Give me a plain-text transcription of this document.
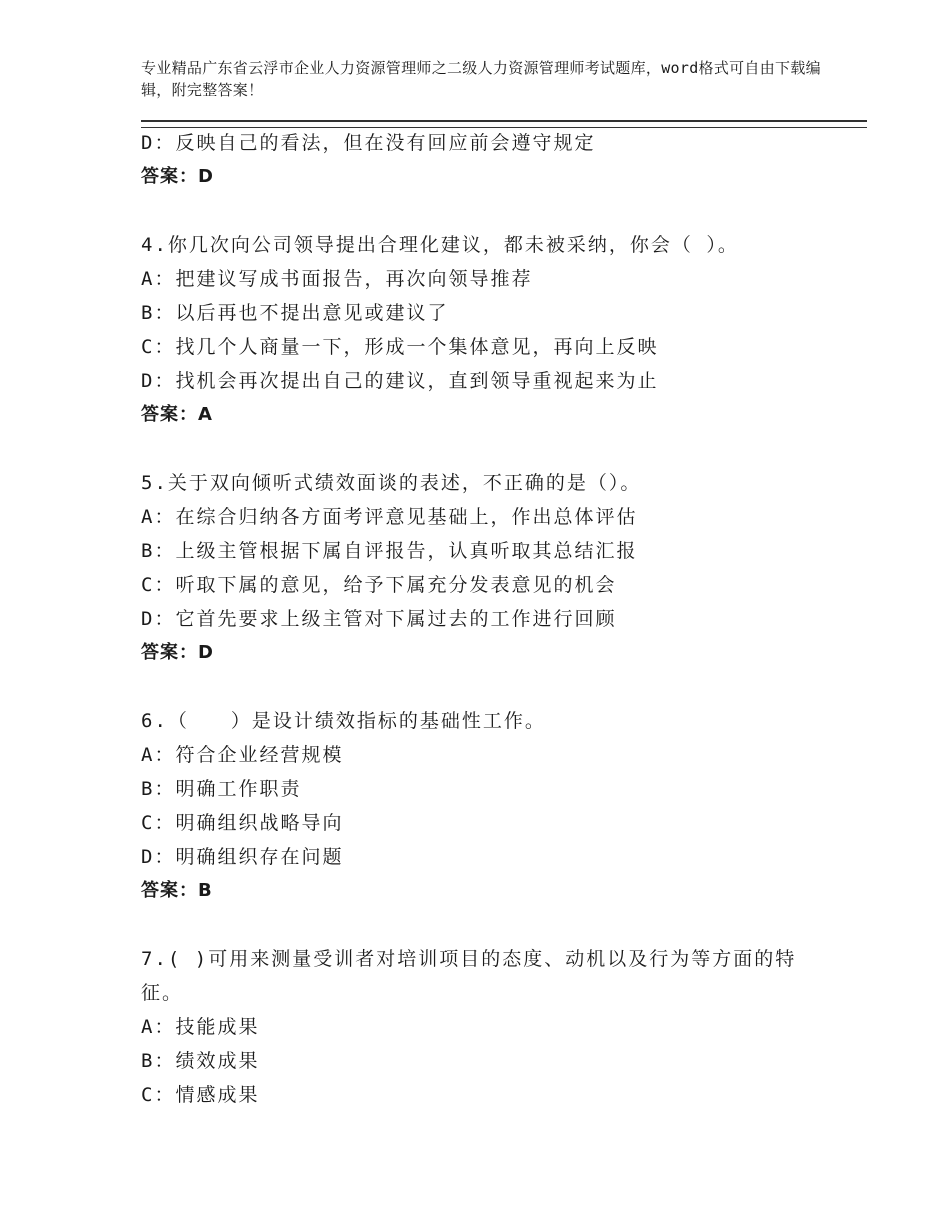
专业精品广东省云浮市企业人力资源管理师之二级人力资源管理师考试题库，word格式可自由下载编辑，附完整答案！
D：反映自己的看法，但在没有回应前会遵守规定
答案：D
4.你几次向公司领导提出合理化建议，都未被采纳，你会（ ）。
A：把建议写成书面报告，再次向领导推荐
B：以后再也不提出意见或建议了
C：找几个人商量一下，形成一个集体意见，再向上反映
D：找机会再次提出自己的建议，直到领导重视起来为止
答案：A
5.关于双向倾听式绩效面谈的表述，不正确的是（）。
A：在综合归纳各方面考评意见基础上，作出总体评估
B：上级主管根据下属自评报告，认真听取其总结汇报
C：听取下属的意见，给予下属充分发表意见的机会
D：它首先要求上级主管对下属过去的工作进行回顾
答案：D
6.（　　）是设计绩效指标的基础性工作。
A：符合企业经营规模
B：明确工作职责
C：明确组织战略导向
D：明确组织存在问题
答案：B
7.( )可用来测量受训者对培训项目的态度、动机以及行为等方面的特征。
A：技能成果
B：绩效成果
C：情感成果
